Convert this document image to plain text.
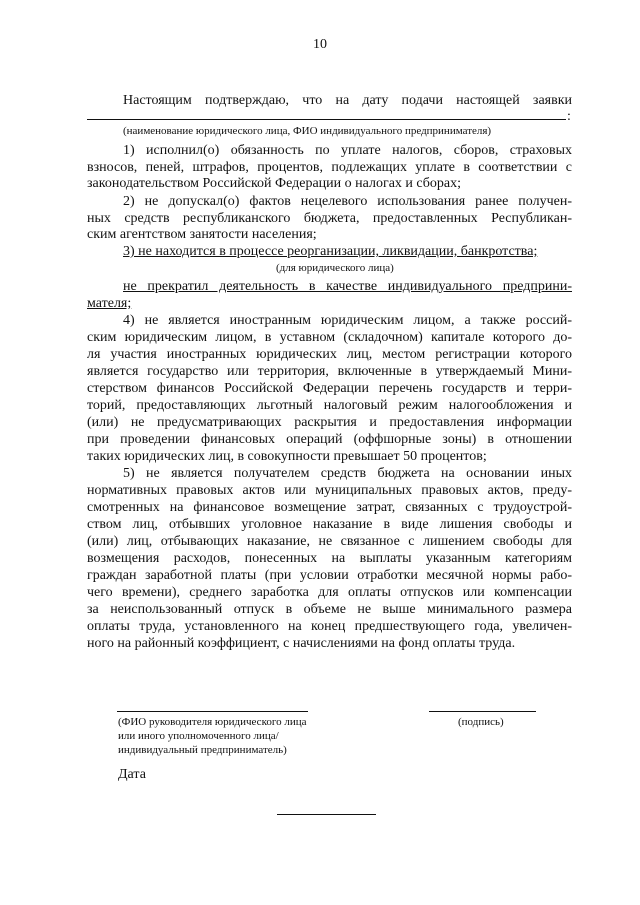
10
Настоящим подтверждаю, что на дату подачи настоящей заявки
:
(наименование юридического лица, ФИО индивидуального предпринимателя)
1) исполнил(о) обязанность по уплате налогов, сборов, страховых
взносов, пеней, штрафов, процентов, подлежащих уплате в соответствии с
законодательством Российской Федерации о налогах и сборах;
2) не допускал(о) фактов нецелевого использования ранее получен-
ных средств республиканского бюджета, предоставленных Республикан-
ским агентством занятости населения;
3) не находится в процессе реорганизации, ликвидации, банкротства;
(для юридического лица)
не прекратил деятельность в качестве индивидуального предприни-
мателя;
4) не является иностранным юридическим лицом, а также россий-
ским юридическим лицом, в уставном (складочном) капитале которого до-
ля участия иностранных юридических лиц, местом регистрации которого
является государство или территория, включенные в утверждаемый Мини-
стерством финансов Российской Федерации перечень государств и терри-
торий, предоставляющих льготный налоговый режим налогообложения и
(или) не предусматривающих раскрытия и предоставления информации
при проведении финансовых операций (оффшорные зоны) в отношении
таких юридических лиц, в совокупности превышает 50 процентов;
5) не является получателем средств бюджета на основании иных
нормативных правовых актов или муниципальных правовых актов, преду-
смотренных на финансовое возмещение затрат, связанных с трудоустрой-
ством лиц, отбывших уголовное наказание в виде лишения свободы и
(или) лиц, отбывающих наказание, не связанное с лишением свободы для
возмещения расходов, понесенных на выплаты указанным категориям
граждан заработной платы (при условии отработки месячной нормы рабо-
чего времени), среднего заработка для оплаты отпусков или компенсации
за неиспользованный отпуск в объеме не выше минимального размера
оплаты труда, установленного на конец предшествующего года, увеличен-
ного на районный коэффициент, с начислениями на фонд оплаты труда.
(ФИО руководителя юридического лица
или иного уполномоченного лица/
индивидуальный предприниматель)
(подпись)
Дата
